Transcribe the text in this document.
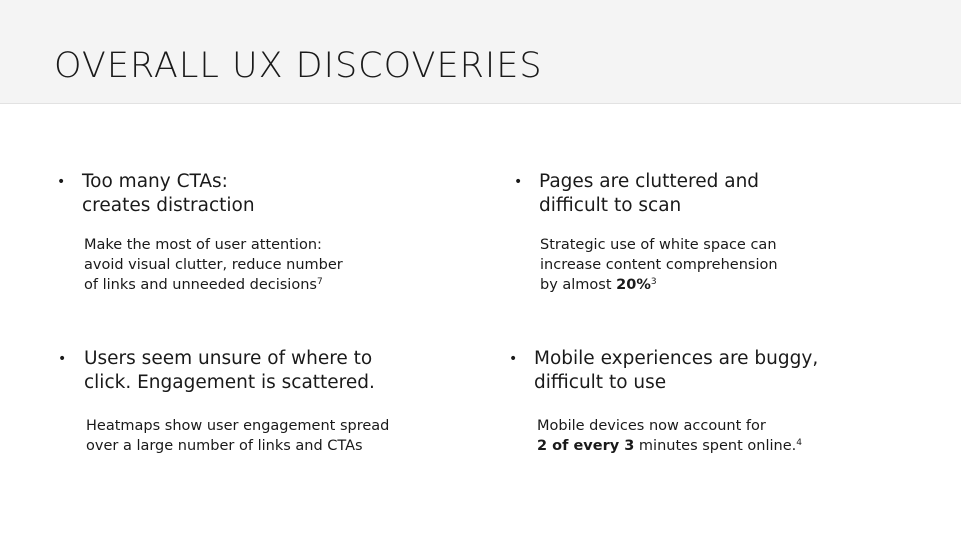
OVERALL UX DISCOVERIES
• Too many CTAs:
creates distraction
Make the most of user attention:
avoid visual clutter, reduce number
of links and unneeded decisions$^7$
• Pages are cluttered and
difficult to scan
Strategic use of white space can
increase content comprehension
by almost 20%$^3$
• Users seem unsure of where to
click. Engagement is scattered.
Heatmaps show user engagement spread
over a large number of links and CTAs
• Mobile experiences are buggy,
difficult to use
Mobile devices now account for
2 of every 3 minutes spent online.$^4$
